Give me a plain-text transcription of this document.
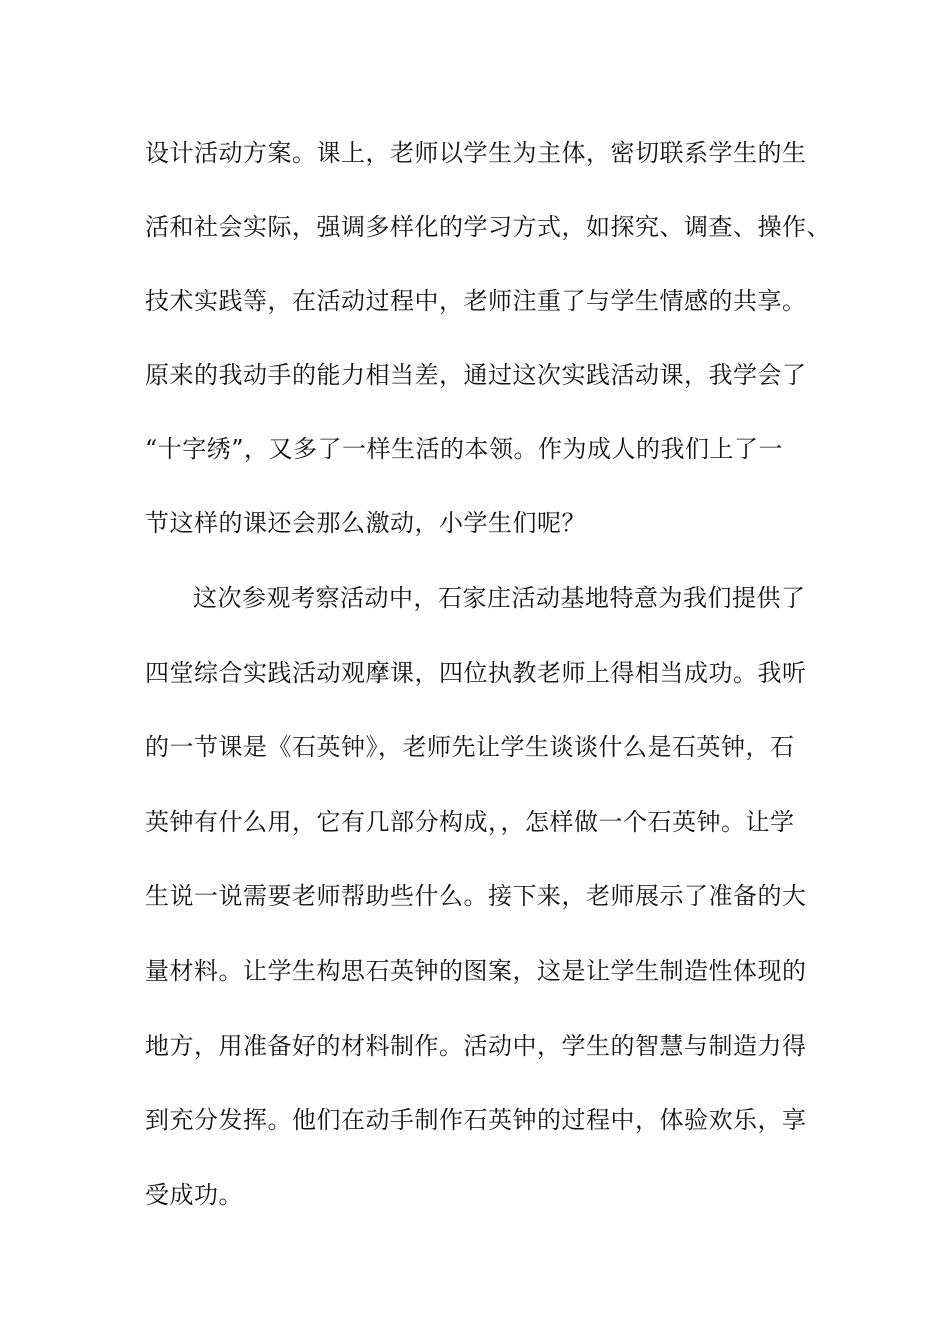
设计活动方案。课上，老师以学生为主体，密切联系学生的生
活和社会实际，强调多样化的学习方式，如探究、调查、操作、
技术实践等，在活动过程中，老师注重了与学生情感的共享。
原来的我动手的能力相当差，通过这次实践活动课，我学会了
“十字绣”，又多了一样生活的本领。作为成人的我们上了一
节这样的课还会那么激动，小学生们呢？
这次参观考察活动中，石家庄活动基地特意为我们提供了
四堂综合实践活动观摩课，四位执教老师上得相当成功。我听
的一节课是《石英钟》，老师先让学生谈谈什么是石英钟，石
英钟有什么用，它有几部分构成，，怎样做一个石英钟。让学
生说一说需要老师帮助些什么。接下来，老师展示了准备的大
量材料。让学生构思石英钟的图案，这是让学生制造性体现的
地方，用准备好的材料制作。活动中，学生的智慧与制造力得
到充分发挥。他们在动手制作石英钟的过程中，体验欢乐，享
受成功。
